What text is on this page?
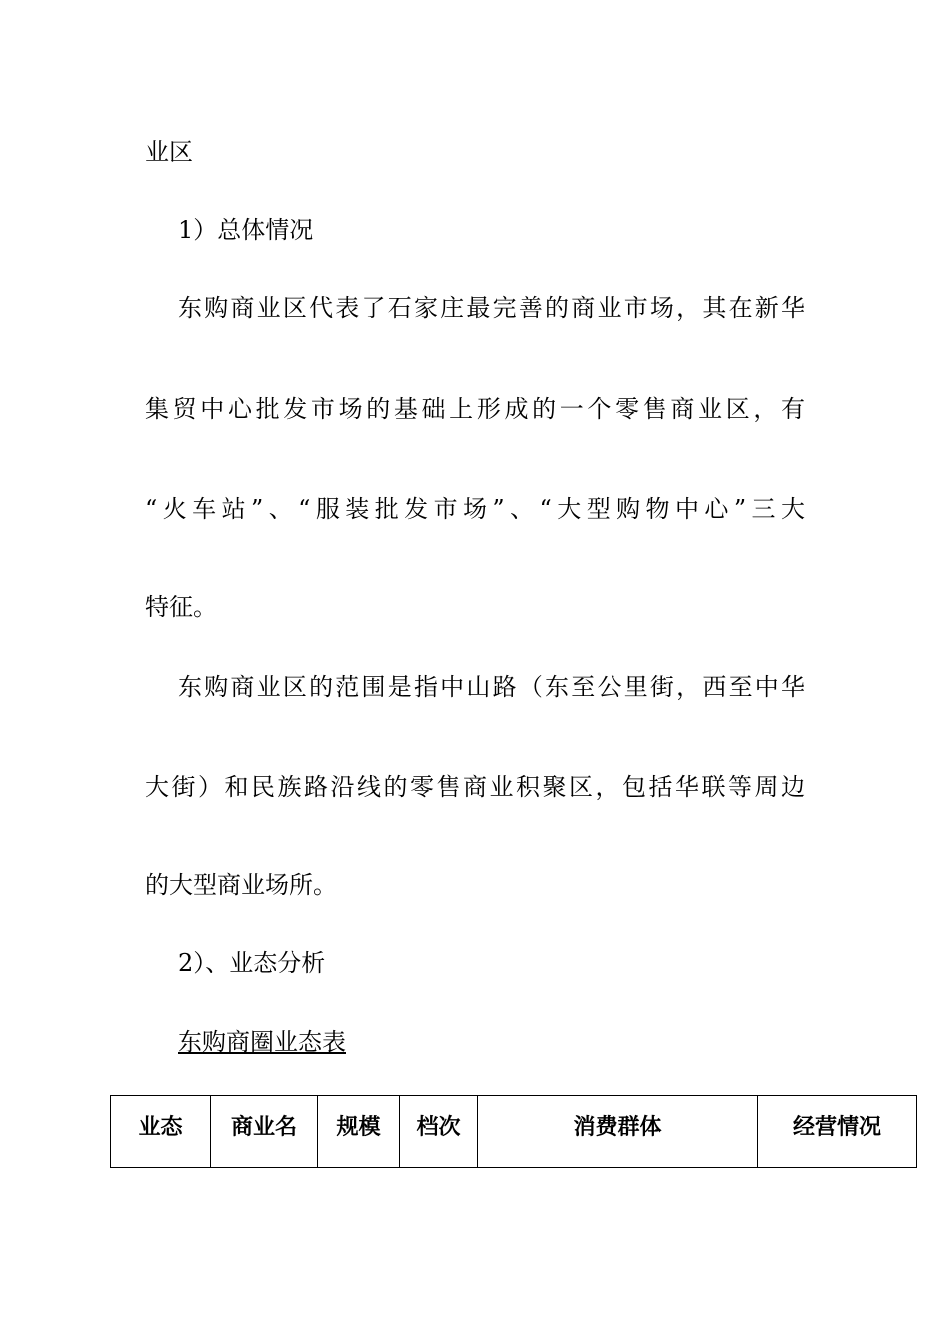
业区
1）总体情况
东购商业区代表了石家庄最完善的商业市场，其在新华
集贸中心批发市场的基础上形成的一个零售商业区，有
“火车站”、“服装批发市场”、“大型购物中心”三大
特征。
东购商业区的范围是指中山路（东至公里街，西至中华
大街）和民族路沿线的零售商业积聚区，包括华联等周边
的大型商业场所。
2）、业态分析
东购商圈业态表
业态	商业名	规模	档次	消费群体	经营情况
